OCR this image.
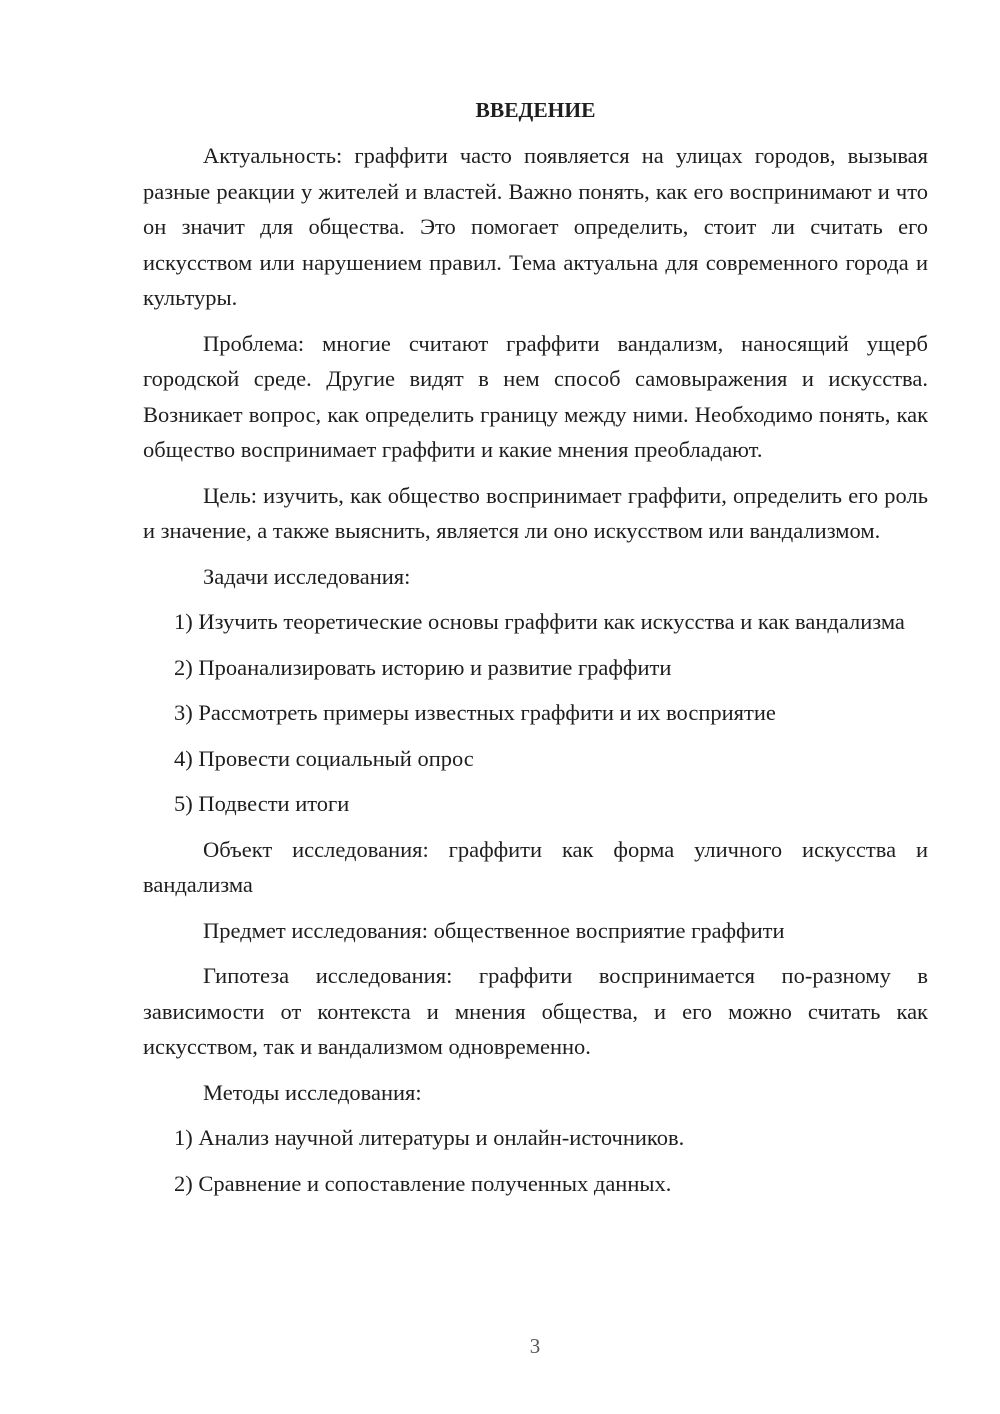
ВВЕДЕНИЕ

Актуальность: граффити часто появляется на улицах городов, вызывая разные реакции у жителей и властей. Важно понять, как его воспринимают и что он значит для общества. Это помогает определить, стоит ли считать его искусством или нарушением правил. Тема актуальна для современного города и культуры.

Проблема: многие считают граффити вандализм, наносящий ущерб городской среде. Другие видят в нем способ самовыражения и искусства. Возникает вопрос, как определить границу между ними. Необходимо понять, как общество воспринимает граффити и какие мнения преобладают.

Цель: изучить, как общество воспринимает граффити, определить его роль и значение, а также выяснить, является ли оно искусством или вандализмом.

Задачи исследования:

1) Изучить теоретические основы граффити как искусства и как вандализма

2) Проанализировать историю и развитие граффити

3) Рассмотреть примеры известных граффити и их восприятие

4) Провести социальный опрос

5) Подвести итоги

Объект исследования: граффити как форма уличного искусства и вандализма

Предмет исследования: общественное восприятие граффити

Гипотеза исследования: граффити воспринимается по-разному в зависимости от контекста и мнения общества, и его можно считать как искусством, так и вандализмом одновременно.

Методы исследования:

1) Анализ научной литературы и онлайн-источников.

2) Сравнение и сопоставление полученных данных.

3
